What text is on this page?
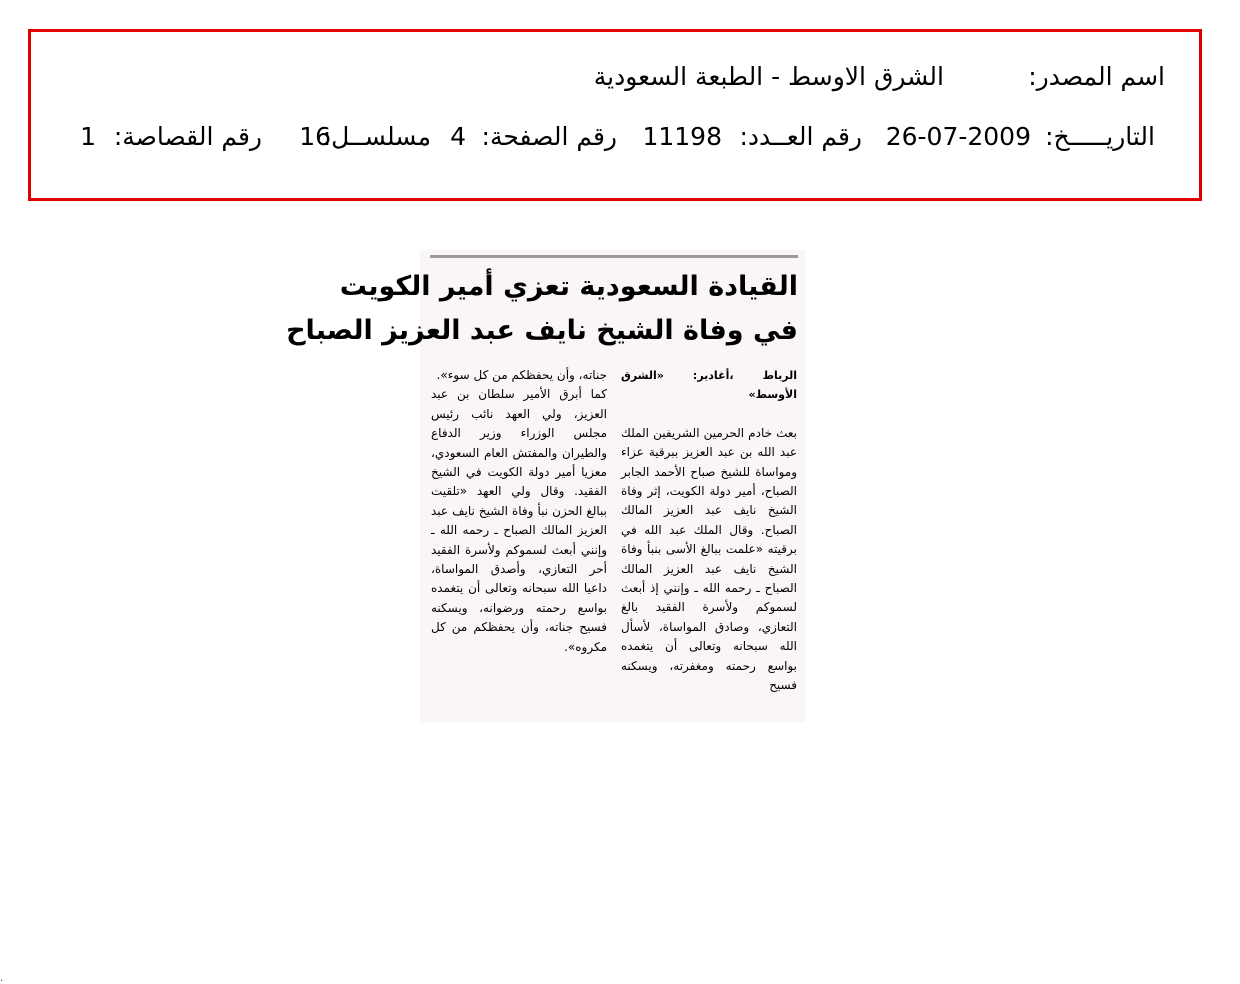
اسم المصدر:
الشرق الاوسط - الطبعة السعودية
التاريـــــخ:
26-07-2009
رقم العــدد:
11198
رقم الصفحة:
4
مسلســل:
16
رقم القصاصة:
1
القيادة السعودية تعزي أمير الكويت
في وفاة الشيخ نايف عبد العزيز الصباح

الرباط ،أغادير: «الشرق الأوسط»

بعث خادم الحرمين الشريفين الملك عبد الله بن عبد العزيز ببرقية عزاء ومواساة للشيخ صباح الأحمد الجابر الصباح، أمير دولة الكويت، إثر وفاة الشيخ نايف عبد العزيز المالك الصباح. وقال الملك عبد الله في برقيته «علمت ببالغ الأسى بنبأ وفاة الشيخ نايف عبد العزيز المالك الصباح ـ رحمه الله ـ وإنني إذ أبعث لسموكم ولأسرة الفقيد بالغ التعازي، وصادق المواساة، لأسأل الله سبحانه وتعالى أن يتغمده بواسع رحمته ومغفرته، ويسكنه فسيح

جناته، وأن يحفظكم من كل سوء».

كما أبرق الأمير سلطان بن عبد العزيز، ولي العهد نائب رئيس مجلس الوزراء وزير الدفاع والطيران والمفتش العام السعودي، معزيا أمير دولة الكويت في الشيخ الفقيد. وقال ولي العهد «تلقيت ببالغ الحزن نبأ وفاة الشيخ نايف عبد العزيز المالك الصباح ـ رحمه الله ـ وإنني أبعث لسموكم ولأسرة الفقيد أحر التعازي، وأصدق المواساة، داعيا الله سبحانه وتعالى أن يتغمده بواسع رحمته ورضوانه، ويسكنه فسيح جناته، وأن يحفظكم من كل مكروه».

.
